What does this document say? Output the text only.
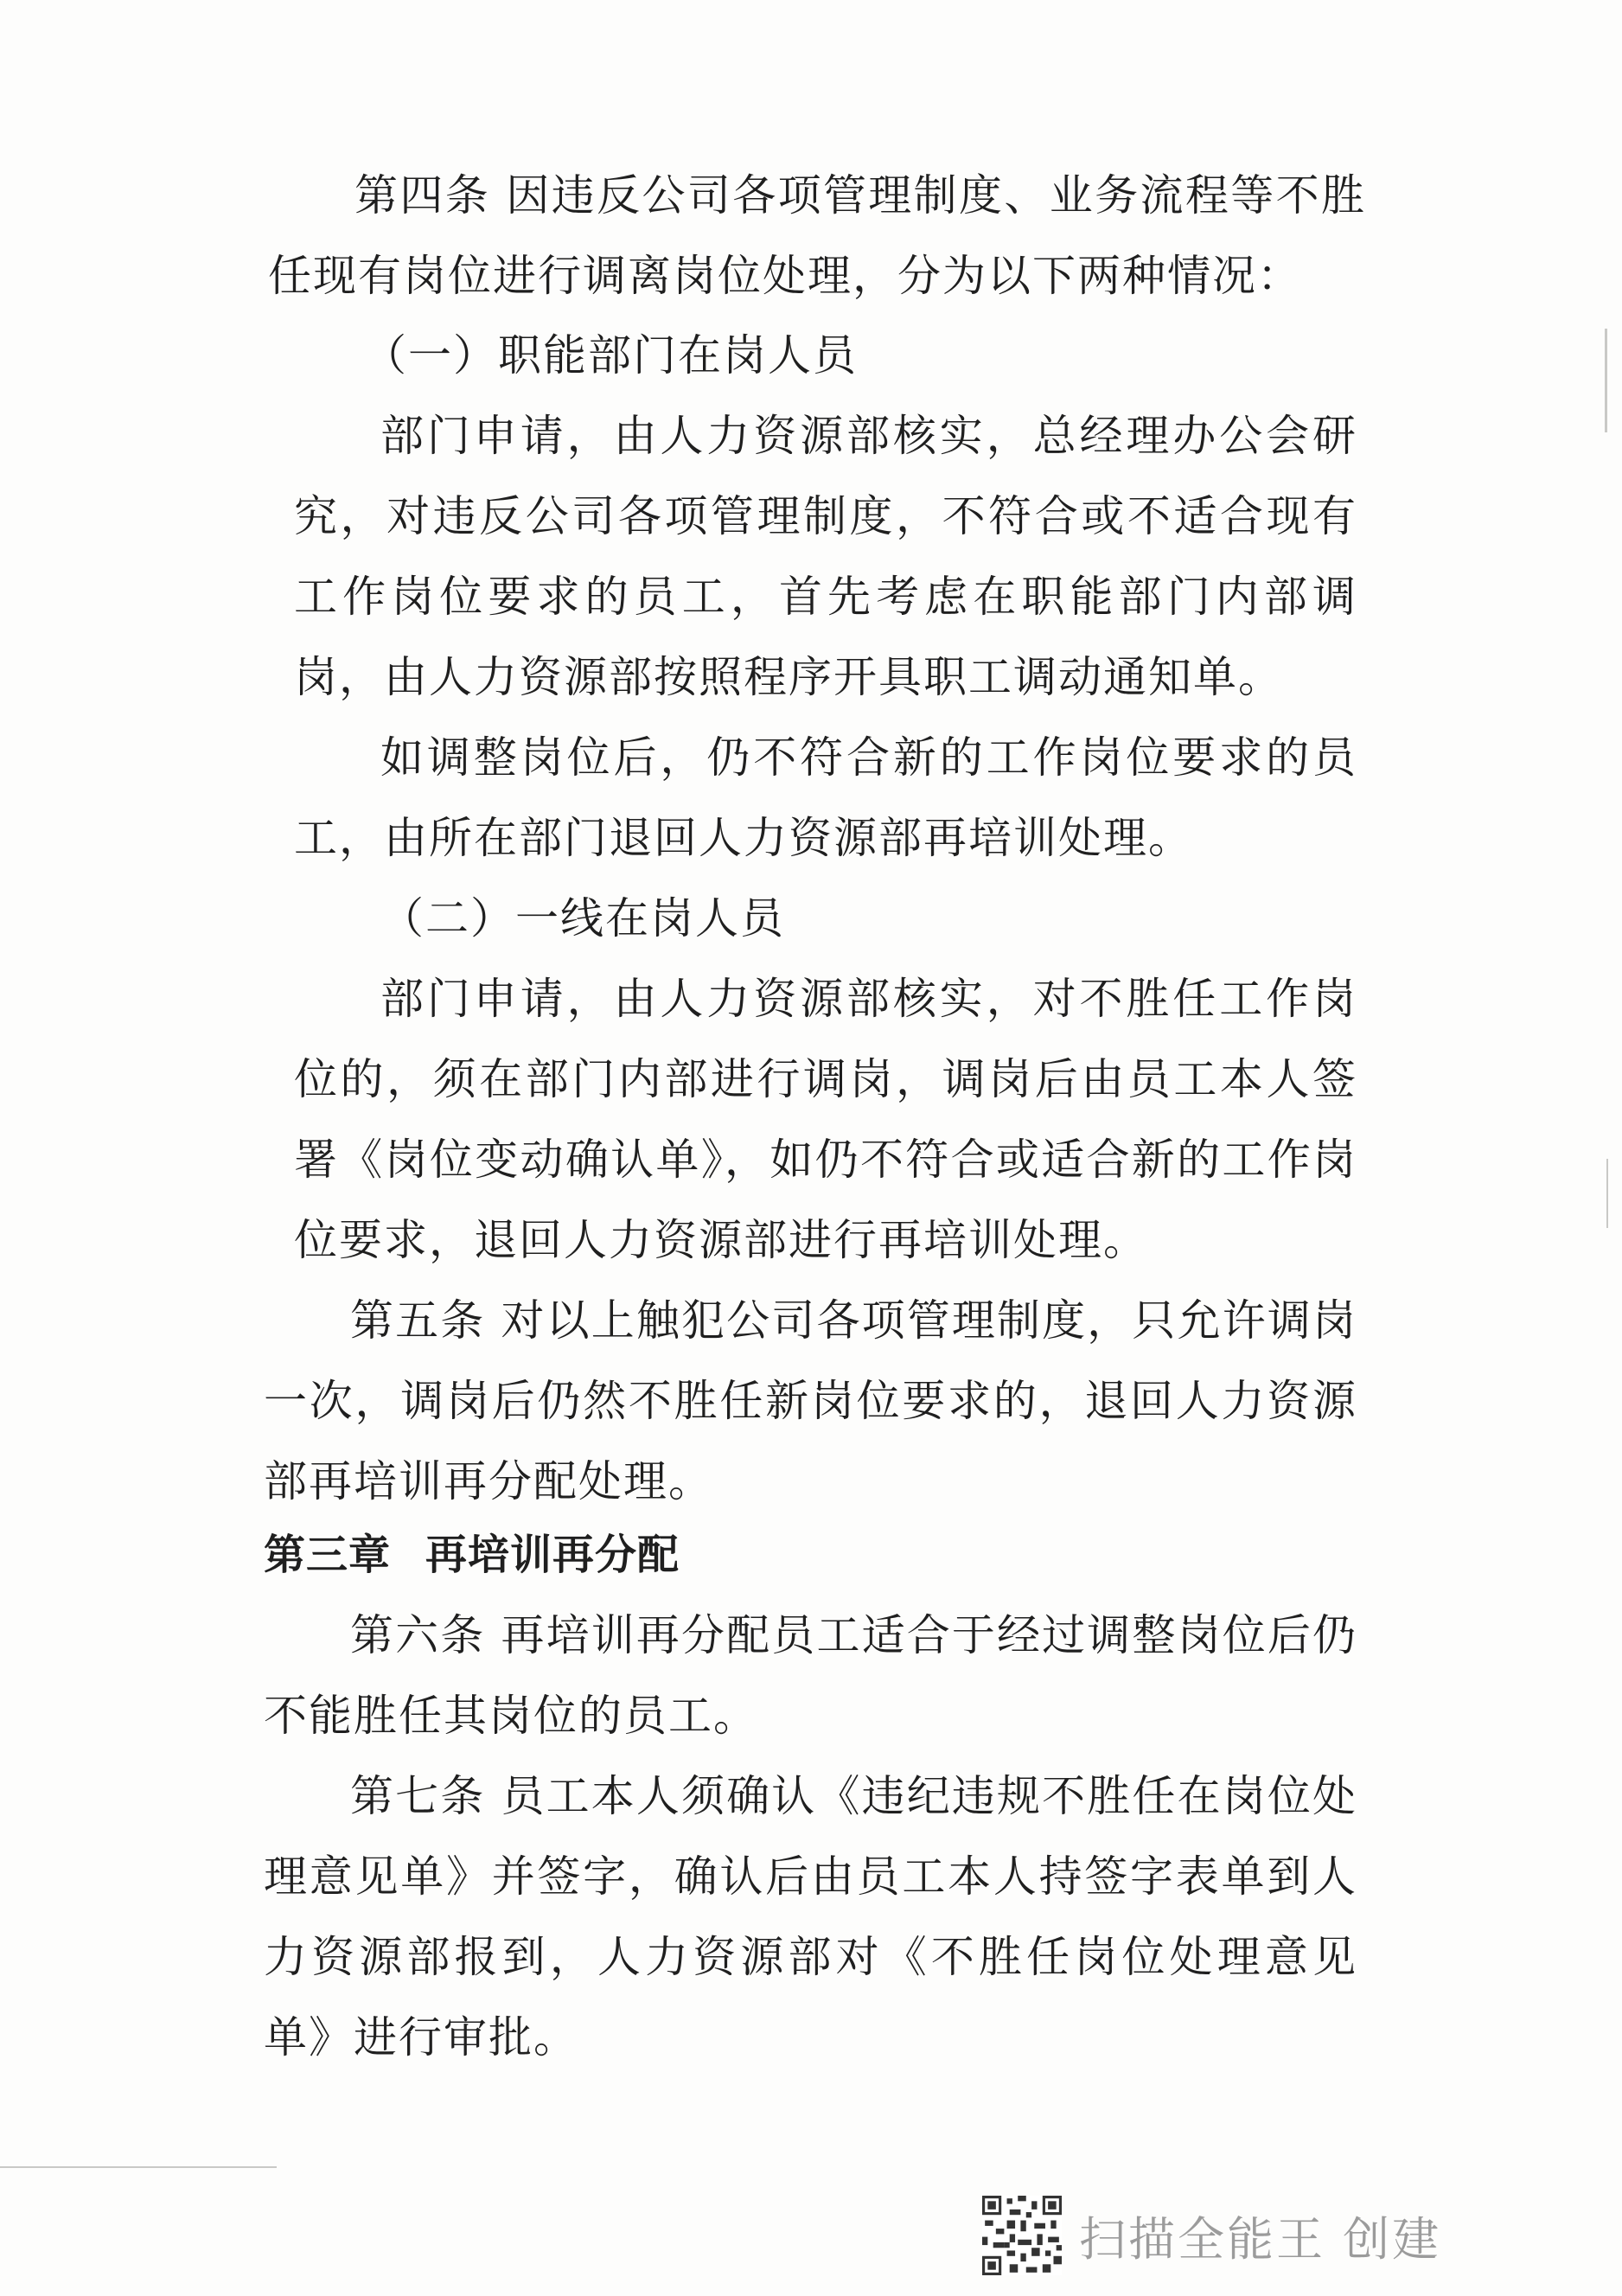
第四条 因违反公司各项管理制度、业务流程等不胜任现有岗位进行调离岗位处理，分为以下两种情况：

（一）职能部门在岗人员

部门申请，由人力资源部核实，总经理办公会研究，对违反公司各项管理制度，不符合或不适合现有工作岗位要求的员工，首先考虑在职能部门内部调岗，由人力资源部按照程序开具职工调动通知单。

如调整岗位后，仍不符合新的工作岗位要求的员工，由所在部门退回人力资源部再培训处理。

（二）一线在岗人员

部门申请，由人力资源部核实，对不胜任工作岗位的，须在部门内部进行调岗，调岗后由员工本人签署《岗位变动确认单》，如仍不符合或适合新的工作岗位要求，退回人力资源部进行再培训处理。

第五条 对以上触犯公司各项管理制度，只允许调岗一次，调岗后仍然不胜任新岗位要求的，退回人力资源部再培训再分配处理。

第三章 再培训再分配

第六条 再培训再分配员工适合于经过调整岗位后仍不能胜任其岗位的员工。

第七条 员工本人须确认《违纪违规不胜任在岗位处理意见单》并签字，确认后由员工本人持签字表单到人力资源部报到，人力资源部对《不胜任岗位处理意见单》进行审批。

扫描全能王 创建
